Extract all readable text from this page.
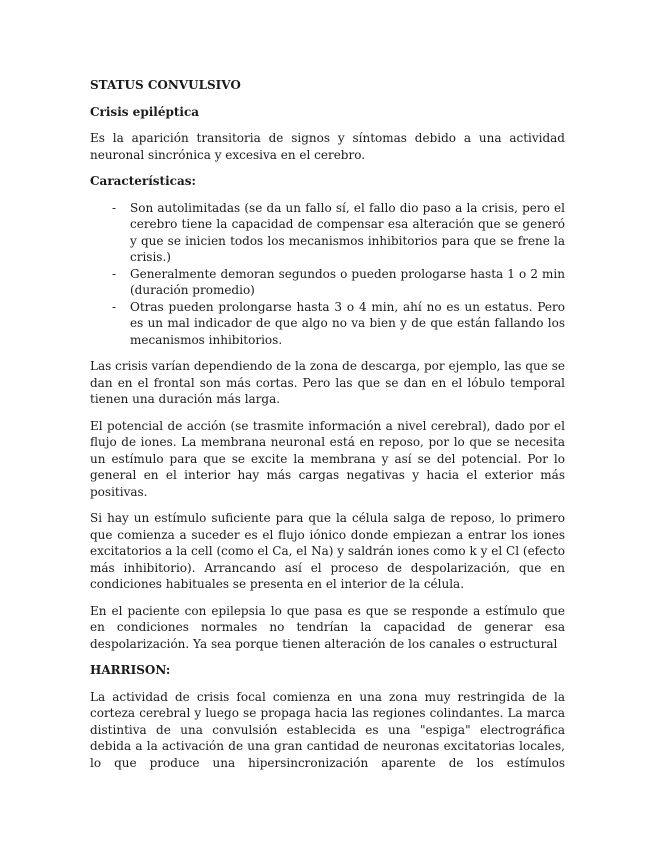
STATUS CONVULSIVO
Crisis epiléptica

Es la aparición transitoria de signos y síntomas debido a una actividad neuronal sincrónica y excesiva en el cerebro.

Características:
- Son autolimitadas (se da un fallo sí, el fallo dio paso a la crisis, pero el cerebro tiene la capacidad de compensar esa alteración que se generó y que se inicien todos los mecanismos inhibitorios para que se frene la crisis.)
- Generalmente demoran segundos o pueden prologarse hasta 1 o 2 min (duración promedio)
- Otras pueden prolongarse hasta 3 o 4 min, ahí no es un estatus. Pero es un mal indicador de que algo no va bien y de que están fallando los mecanismos inhibitorios.

Las crisis varían dependiendo de la zona de descarga, por ejemplo, las que se dan en el frontal son más cortas. Pero las que se dan en el lóbulo temporal tienen una duración más larga.

El potencial de acción (se trasmite información a nivel cerebral), dado por el flujo de iones. La membrana neuronal está en reposo, por lo que se necesita un estímulo para que se excite la membrana y así se del potencial. Por lo general en el interior hay más cargas negativas y hacia el exterior más positivas.

Si hay un estímulo suficiente para que la célula salga de reposo, lo primero que comienza a suceder es el flujo iónico donde empiezan a entrar los iones excitatorios a la cell (como el Ca, el Na) y saldrán iones como k y el Cl (efecto más inhibitorio). Arrancando así el proceso de despolarización, que en condiciones habituales se presenta en el interior de la célula.

En el paciente con epilepsia lo que pasa es que se responde a estímulo que en condiciones normales no tendrían la capacidad de generar esa despolarización. Ya sea porque tienen alteración de los canales o estructural

HARRISON:

La actividad de crisis focal comienza en una zona muy restringida de la corteza cerebral y luego se propaga hacia las regiones colindantes. La marca distintiva de una convulsión establecida es una "espiga" electrográfica debida a la activación de una gran cantidad de neuronas excitatorias locales, lo que produce una hipersincronización aparente de los estímulos
